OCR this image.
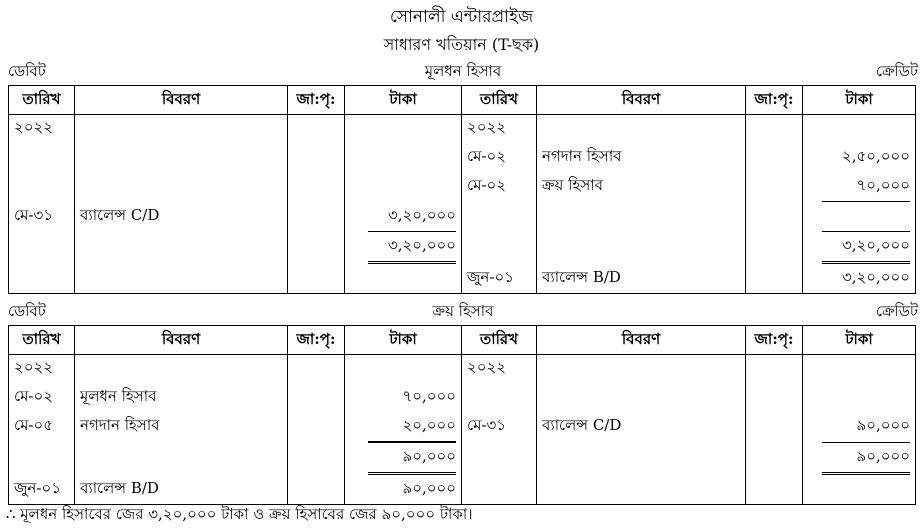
সোনালী এন্টারপ্রাইজ
সাধারণ খতিয়ান (T-ছক)
ডেবিট	মূলধন হিসাব	ক্রেডিট
তারিখ	বিবরণ	জা:পৃ:	টাকা	তারিখ	বিবরণ	জা:পৃ:	টাকা
২০২২				২০২২			
				মে-০২	নগদান হিসাব		২,৫০,০০০
				মে-০২	ক্রয় হিসাব		৭০,০০০
মে-৩১	ব্যালেন্স C/D		৩,২০,০০০				
			৩,২০,০০০				৩,২০,০০০
				জুন-০১	ব্যালেন্স B/D		৩,২০,০০০
ডেবিট	ক্রয় হিসাব	ক্রেডিট
তারিখ	বিবরণ	জা:পৃ:	টাকা	তারিখ	বিবরণ	জা:পৃ:	টাকা
২০২২				২০২২			
মে-০২	মূলধন হিসাব		৭০,০০০				
মে-০৫	নগদান হিসাব		২০,০০০	মে-৩১	ব্যালেন্স C/D		৯০,০০০
			৯০,০০০				৯০,০০০
জুন-০১	ব্যালেন্স B/D		৯০,০০০				
∴ মূলধন হিসাবের জের ৩,২০,০০০ টাকা ও ক্রয় হিসাবের জের ৯০,০০০ টাকা।
